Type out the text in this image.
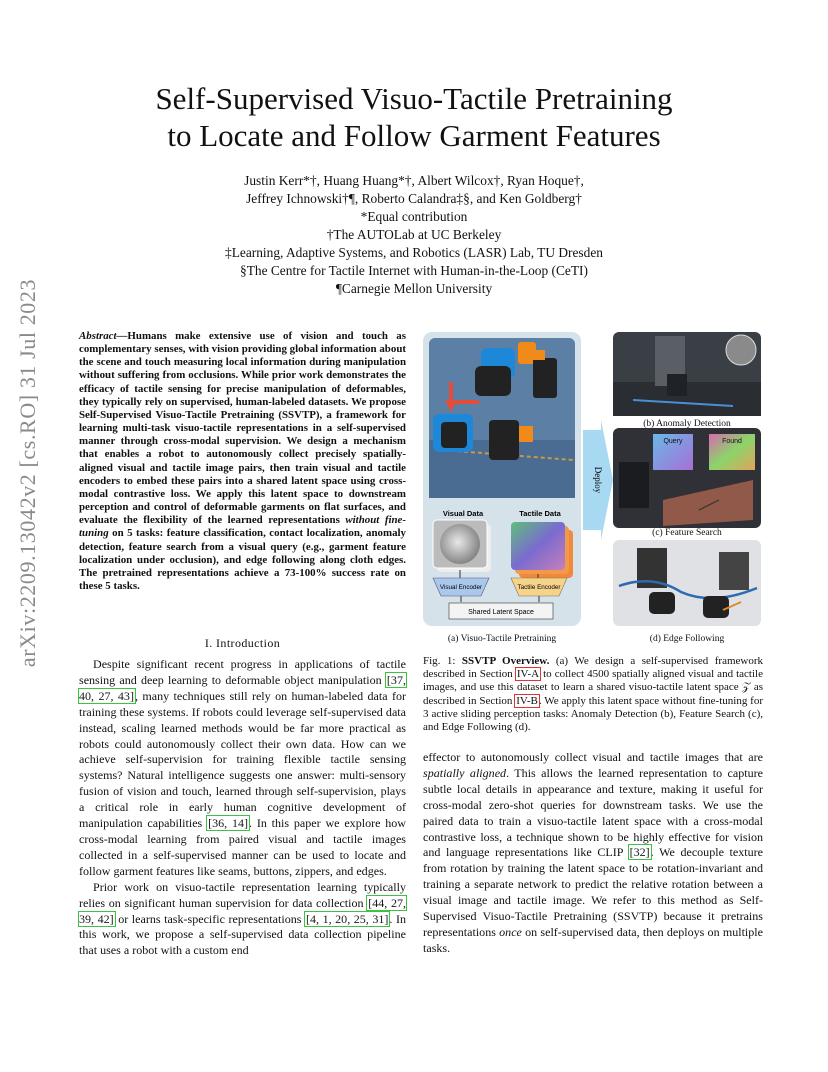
arXiv:2209.13042v2 [cs.RO] 31 Jul 2023
Self-Supervised Visuo-Tactile Pretraining
to Locate and Follow Garment Features
Justin Kerr*†, Huang Huang*†, Albert Wilcox†, Ryan Hoque†,
Jeffrey Ichnowski†¶, Roberto Calandra‡§, and Ken Goldberg†
*Equal contribution
†The AUTOLab at UC Berkeley
‡Learning, Adaptive Systems, and Robotics (LASR) Lab, TU Dresden
§The Centre for Tactile Internet with Human-in-the-Loop (CeTI)
¶Carnegie Mellon University
Abstract—Humans make extensive use of vision and touch as complementary senses, with vision providing global information about the scene and touch measuring local information during manipulation without suffering from occlusions. While prior work demonstrates the efficacy of tactile sensing for precise manipulation of deformables, they typically rely on supervised, human-labeled datasets. We propose Self-Supervised Visuo-Tactile Pretraining (SSVTP), a framework for learning multi-task visuo-tactile representations in a self-supervised manner through cross-modal supervision. We design a mechanism that enables a robot to autonomously collect precisely spatially-aligned visual and tactile image pairs, then train visual and tactile encoders to embed these pairs into a shared latent space using cross-modal contrastive loss. We apply this latent space to downstream perception and control of deformable garments on flat surfaces, and evaluate the flexibility of the learned representations without fine-tuning on 5 tasks: feature classification, contact localization, anomaly detection, feature search from a visual query (e.g., garment feature localization under occlusion), and edge following along cloth edges. The pretrained representations achieve a 73-100% success rate on these 5 tasks.
I. Introduction

Despite significant recent progress in applications of tactile sensing and deep learning to deformable object manipulation [37, 40, 27, 43], many techniques still rely on human-labeled data for training these systems. If robots could leverage self-supervised data instead, scaling learned methods would be far more practical as robots could autonomously collect their own data. How can we achieve self-supervision for training flexible tactile sensing systems? Natural intelligence suggests one answer: multi-sensory fusion of vision and touch, learned through self-supervision, plays a critical role in early human cognitive development of manipulation capabilities [36, 14]. In this paper we explore how cross-modal learning from paired visual and tactile images collected in a self-supervised manner can be used to locate and follow garment features like seams, buttons, zippers, and edges.

Prior work on visuo-tactile representation learning typically relies on significant human supervision for data collection [44, 27, 39, 42] or learns task-specific representations [4, 1, 20, 25, 31]. In this work, we propose a self-supervised data collection pipeline that uses a robot with a custom end

Visual Data	Tactile Data
Visual Encoder	Tactile Encoder
Shared Latent Space
Deploy
Query	Found
(a) Visuo-Tactile Pretraining
(b) Anomaly Detection
(c) Feature Search
(d) Edge Following
Fig. 1: SSVTP Overview. (a) We design a self-supervised framework described in Section IV-A to collect 4500 spatially aligned visual and tactile images, and use this dataset to learn a shared visuo-tactile latent space 𝒵 as described in Section IV-B. We apply this latent space without fine-tuning for 3 active sliding perception tasks: Anomaly Detection (b), Feature Search (c), and Edge Following (d).

effector to autonomously collect visual and tactile images that are spatially aligned. This allows the learned representation to capture subtle local details in appearance and texture, making it useful for cross-modal zero-shot queries for downstream tasks. We use the paired data to train a visuo-tactile latent space with a cross-modal contrastive loss, a technique shown to be highly effective for vision and language representations like CLIP [32]. We decouple texture from rotation by training the latent space to be rotation-invariant and training a separate network to predict the relative rotation between a visual image and tactile image. We refer to this method as Self-Supervised Visuo-Tactile Pretraining (SSVTP) because it pretrains representations once on self-supervised data, then deploys on multiple tasks.
